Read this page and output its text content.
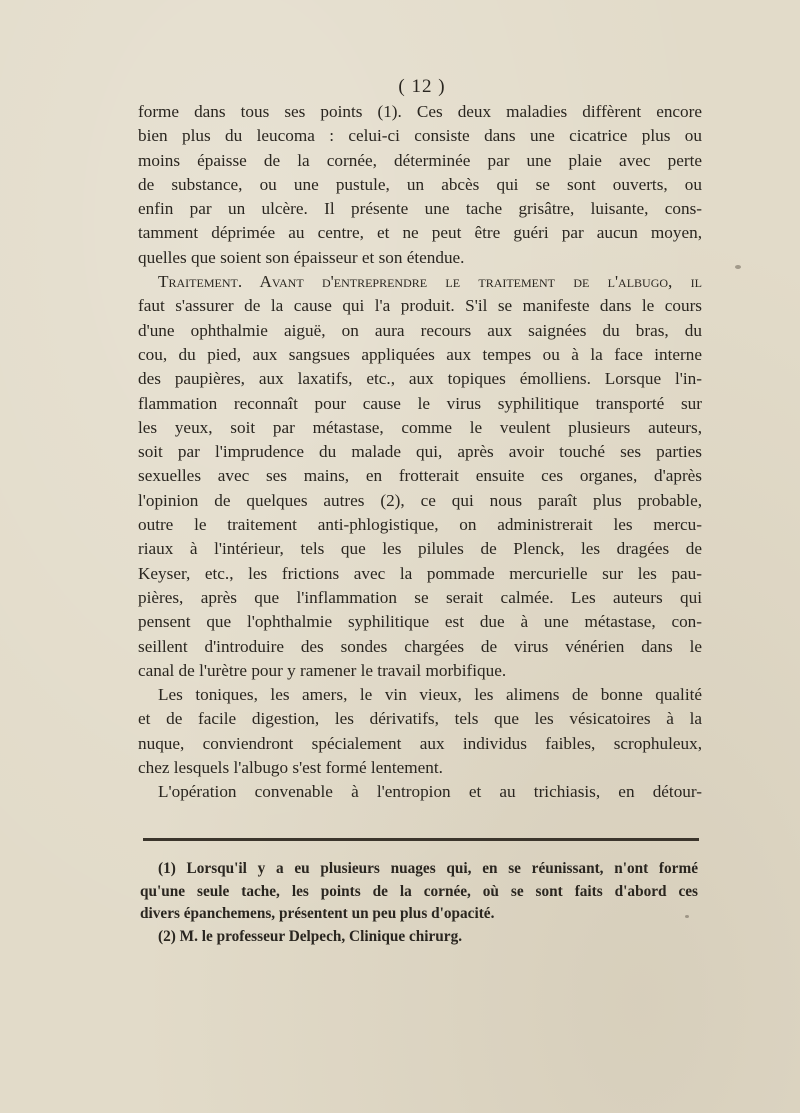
( 12 )
forme dans tous ses points (1). Ces deux maladies diffèrent encore
bien plus du leucoma : celui-ci consiste dans une cicatrice plus ou
moins épaisse de la cornée, déterminée par une plaie avec perte
de substance, ou une pustule, un abcès qui se sont ouverts, ou
enfin par un ulcère. Il présente une tache grisâtre, luisante, cons-
tamment déprimée au centre, et ne peut être guéri par aucun moyen,
quelles que soient son épaisseur et son étendue.
Traitement. Avant d'entreprendre le traitement de l'albugo, il
faut s'assurer de la cause qui l'a produit. S'il se manifeste dans le cours
d'une ophthalmie aiguë, on aura recours aux saignées du bras, du
cou, du pied, aux sangsues appliquées aux tempes ou à la face interne
des paupières, aux laxatifs, etc., aux topiques émolliens. Lorsque l'in-
flammation reconnaît pour cause le virus syphilitique transporté sur
les yeux, soit par métastase, comme le veulent plusieurs auteurs,
soit par l'imprudence du malade qui, après avoir touché ses parties
sexuelles avec ses mains, en frotterait ensuite ces organes, d'après
l'opinion de quelques autres (2), ce qui nous paraît plus probable,
outre le traitement anti-phlogistique, on administrerait les mercu-
riaux à l'intérieur, tels que les pilules de Plenck, les dragées de
Keyser, etc., les frictions avec la pommade mercurielle sur les pau-
pières, après que l'inflammation se serait calmée. Les auteurs qui
pensent que l'ophthalmie syphilitique est due à une métastase, con-
seillent d'introduire des sondes chargées de virus vénérien dans le
canal de l'urètre pour y ramener le travail morbifique.
Les toniques, les amers, le vin vieux, les alimens de bonne qualité
et de facile digestion, les dérivatifs, tels que les vésicatoires à la
nuque, conviendront spécialement aux individus faibles, scrophuleux,
chez lesquels l'albugo s'est formé lentement.
L'opération convenable à l'entropion et au trichiasis, en détour-
(1) Lorsqu'il y a eu plusieurs nuages qui, en se réunissant, n'ont formé
qu'une seule tache, les points de la cornée, où se sont faits d'abord ces
divers épanchemens, présentent un peu plus d'opacité.
(2) M. le professeur Delpech, Clinique chirurg.
